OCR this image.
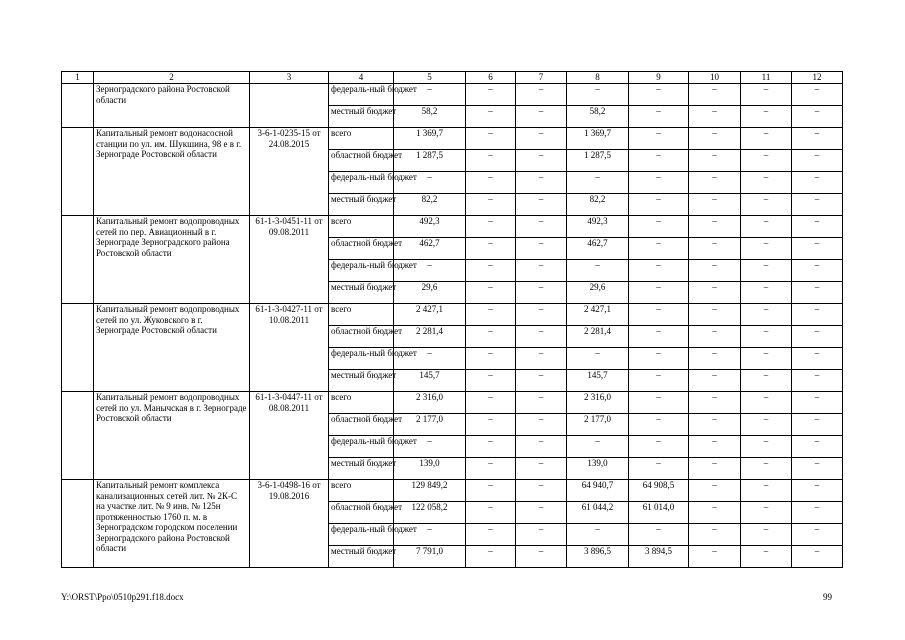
1	2	3	4	5	6	7	8	9	10	11	12

	Зерноградского района Ростовской области		федераль-ный бюджет	–	–	–	–	–	–	–	–
			местный бюджет	58,2	–	–	58,2	–	–	–	–

	Капитальный ремонт водонасосной станции по ул. им. Шукшина, 98 е в г. Зернограде Ростовской области	3-6-1-0235-15 от 24.08.2015	всего	1 369,7	–	–	1 369,7	–	–	–	–
			областной бюджет	1 287,5	–	–	1 287,5	–	–	–	–
			федераль-ный бюджет	–	–	–	–	–	–	–	–
			местный бюджет	82,2	–	–	82,2	–	–	–	–

	Капитальный ремонт водопроводных сетей по пер. Авиационный в г. Зернограде Зерноградского района Ростовской области	61-1-3-0451-11 от 09.08.2011	всего	492,3	–	–	492,3	–	–	–	–
			областной бюджет	462,7	–	–	462,7	–	–	–	–
			федераль-ный бюджет	–	–	–	–	–	–	–	–
			местный бюджет	29,6	–	–	29,6	–	–	–	–

	Капитальный ремонт водопроводных сетей по ул. Жуковского в г. Зернограде Ростовской области	61-1-3-0427-11 от 10.08.2011	всего	2 427,1	–	–	2 427,1	–	–	–	–
			областной бюджет	2 281,4	–	–	2 281,4	–	–	–	–
			федераль-ный бюджет	–	–	–	–	–	–	–	–
			местный бюджет	145,7	–	–	145,7	–	–	–	–

	Капитальный ремонт водопроводных сетей по ул. Манычская в г. Зернограде Ростовской области	61-1-3-0447-11 от 08.08.2011	всего	2 316,0	–	–	2 316,0	–	–	–	–
			областной бюджет	2 177,0	–	–	2 177,0	–	–	–	–
			федераль-ный бюджет	–	–	–	–	–	–	–	–
			местный бюджет	139,0	–	–	139,0	–	–	–	–

	Капитальный ремонт комплекса канализационных сетей лит. № 2К-С на участке лит. № 9 инв. № 125н протяженностью 1760 п. м. в Зерноградском городском поселении Зерноградского района Ростовской области	3-6-1-0498-16 от 19.08.2016	всего	129 849,2	–	–	64 940,7	64 908,5	–	–	–
			областной бюджет	122 058,2	–	–	61 044,2	61 014,0	–	–	–
			федераль-ный бюджет	–	–	–	–	–	–	–	–
			местный бюджет	7 791,0	–	–	3 896,5	3 894,5	–	–	–
Y:\ORST\Ppo\0510p291.f18.docx	99
